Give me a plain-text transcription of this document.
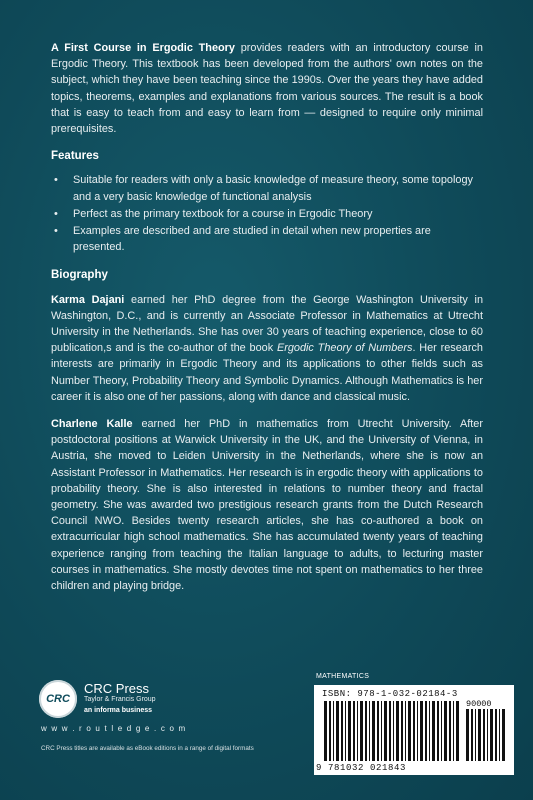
A First Course in Ergodic Theory provides readers with an introductory course in Ergodic Theory. This textbook has been developed from the authors' own notes on the subject, which they have been teaching since the 1990s. Over the years they have added topics, theorems, examples and explanations from various sources. The result is a book that is easy to teach from and easy to learn from — designed to require only minimal prerequisites.

Features
• Suitable for readers with only a basic knowledge of measure theory, some topology and a very basic knowledge of functional analysis
• Perfect as the primary textbook for a course in Ergodic Theory
• Examples are described and are studied in detail when new properties are presented.
Biography

Karma Dajani earned her PhD degree from the George Washington University in Washington, D.C., and is currently an Associate Professor in Mathematics at Utrecht University in the Netherlands. She has over 30 years of teaching experience, close to 60 publication,s and is the co-author of the book Ergodic Theory of Numbers. Her research interests are primarily in Ergodic Theory and its applications to other fields such as Number Theory, Probability Theory and Symbolic Dynamics. Although Mathematics is her career it is also one of her passions, along with dance and classical music.

Charlene Kalle earned her PhD in mathematics from Utrecht University. After postdoctoral positions at Warwick University in the UK, and the University of Vienna, in Austria, she moved to Leiden University in the Netherlands, where she is now an Assistant Professor in Mathematics. Her research is in ergodic theory with applications to probability theory. She is also interested in relations to number theory and fractal geometry. She was awarded two prestigious research grants from the Dutch Research Council NWO. Besides twenty research articles, she has co-authored a book on extracurricular high school mathematics. She has accumulated twenty years of teaching experience ranging from teaching the Italian language to adults, to lecturing master courses in mathematics. She mostly devotes time not spent on mathematics to her three children and playing bridge.

CRC
CRC Press
Taylor & Francis Group
an informa business
w w w . r o u t l e d g e . c o m
CRC Press titles are available as eBook editions in a range of digital formats
MATHEMATICS
ISBN: 978-1-032-02184-3
90000
9 781032 021843
